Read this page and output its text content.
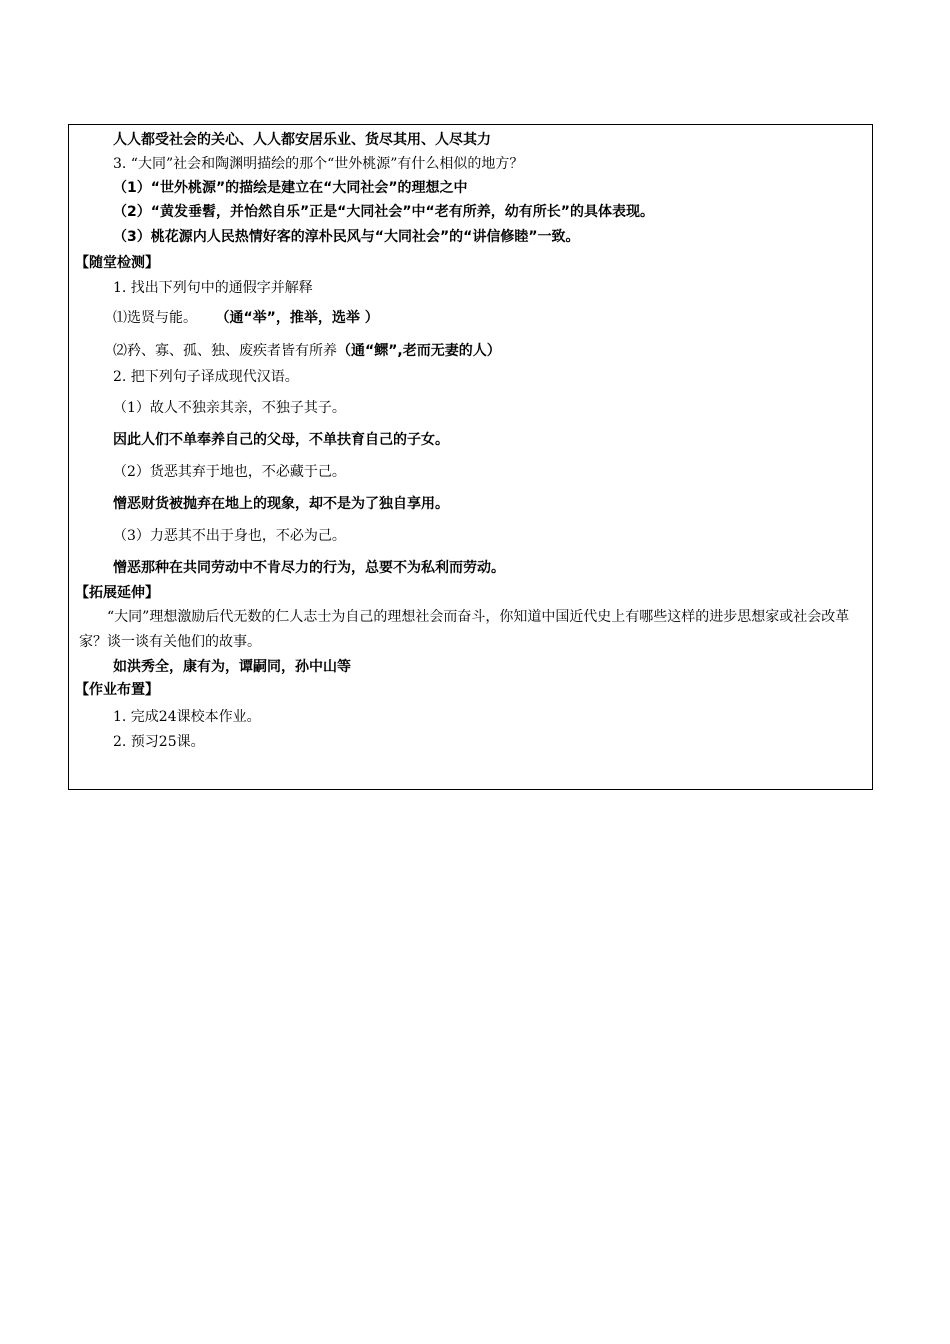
人人都受社会的关心、人人都安居乐业、货尽其用、人尽其力
3. “大同”社会和陶渊明描绘的那个“世外桃源”有什么相似的地方？
（1）“世外桃源”的描绘是建立在“大同社会”的理想之中
（2）“黄发垂髫，并怡然自乐”正是“大同社会”中“老有所养，幼有所长”的具体表现。
（3）桃花源内人民热情好客的淳朴民风与“大同社会”的“讲信修睦”一致。
【随堂检测】
1. 找出下列句中的通假字并解释
⑴选贤与能。 （通“举”，推举，选举 ）
⑵矜、寡、孤、独、废疾者皆有所养（通“鳏”,老而无妻的人）
2. 把下列句子译成现代汉语。
（1）故人不独亲其亲，不独子其子。
因此人们不单奉养自己的父母，不单扶育自己的子女。
（2）货恶其弃于地也，不必藏于己。
憎恶财货被抛弃在地上的现象，却不是为了独自享用。
（3）力恶其不出于身也，不必为己。
憎恶那种在共同劳动中不肯尽力的行为，总要不为私利而劳动。
【拓展延伸】
“大同”理想激励后代无数的仁人志士为自己的理想社会而奋斗，你知道中国近代史上有哪些这样的进步思想家或社会改革家？谈一谈有关他们的故事。
如洪秀全，康有为，谭嗣同，孙中山等
【作业布置】
1. 完成24课校本作业。
2. 预习25课。
